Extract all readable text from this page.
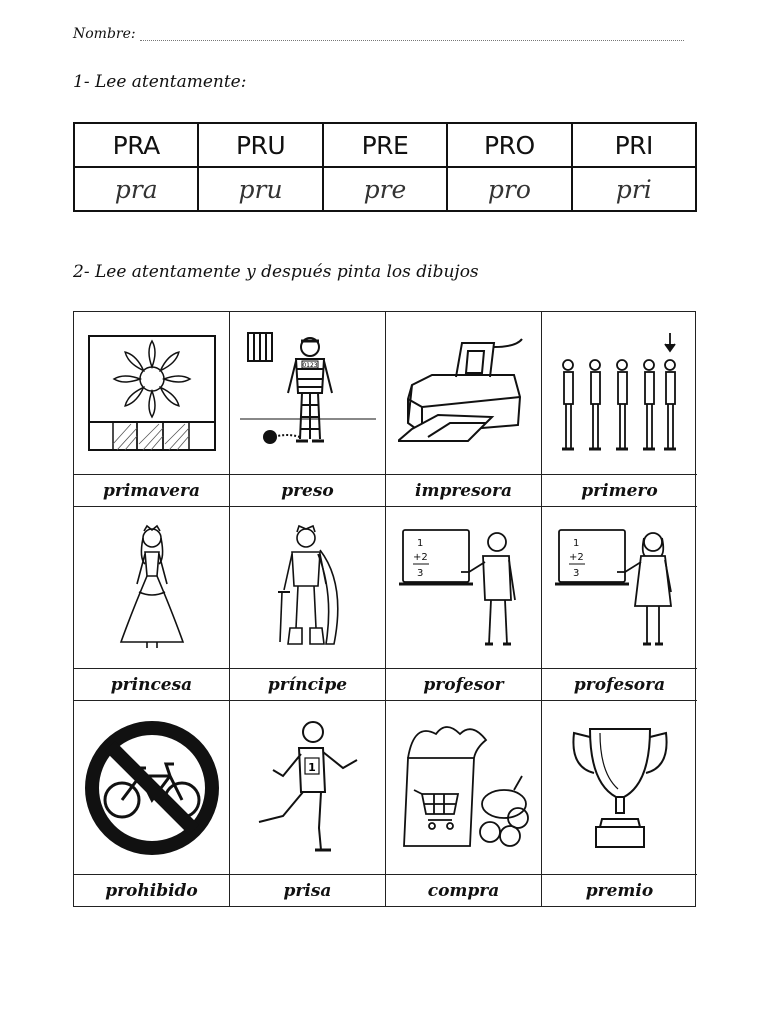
Nombre:
1- Lee atentamente:
PRA	PRU	PRE	PRO	PRI
pra	pru	pre	pro	pri
2- Lee atentamente y después pinta los dibujos
0123
primavera	preso	impresora	primero
1
+2
3
1
+2
3
princesa	príncipe	profesor	profesora
1
prohibido	prisa	compra	premio
